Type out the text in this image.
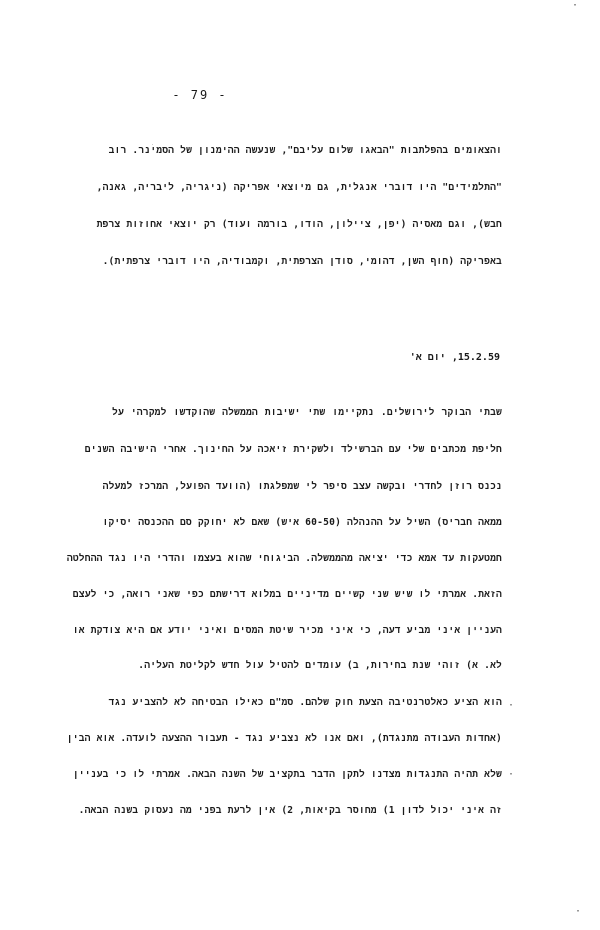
- 79 -
והצאומים בהפלתבות "הבאגו שלום עליבם", שנעשה ההימנון של הסמינר. רוב
"התלמידים" היו דוברי אנגלית, גם מיוצאי אפריקה (ניגריה, ליבריה, גאנה,
חבש), וגם מאסיה (יפן, ציילון, הודו, בורמה ועוד) רק יוצאי אחוזות צרפת
באפריקה (חוף השן, דהומי, סודן הצרפתית, וקמבודיה, היו דוברי צרפתית).
15.2.59, יום א'
שבתי הבוקר לירושלים. נתקיימו שתי ישיבות הממשלה שהוקדשו למקרהי על
חליפת מכתבים שלי עם הברשילד ולשקירת זיאכה על החינוך. אחרי הישיבה השנים
נכנס רוזן לחדרי ובקשה עצב סיפר לי שמפלגתו (הוועד הפועל, המרכז למעלה
ממאה חבריס) השיל על ההנהלה (60-50 איש) שאם לא יחוקק סם ההכנסה יסיקו
חמטעקות עד אמא כדי יציאה מהממשלה. הביגוחי שהוא בעצמו והדרי היו נגד ההחלטה
הזאת. אמרתי לו שיש שני קשיים מדיניים במלוא דרישתם כפי שאני רואה, כי לעצם
העניין איני מביע דעה, כי איני מכיר שיטת המסים ואיני יודע אם היא צודקת או
לא. א) זוהי שנת בחירות, ב) עומדים להטיל עול חדש לקליטת העליה.
הוא הציע כאלטרנטיבה הצעת חוק שלהם. סמ"ם כאילו הבטיחה לא להצביע נגד
(אחדות העבודה מתנגדת), ואם אנו לא נצביע נגד - תעבור ההצעה לועדה. אוא הבין
שלא תהיה התנגדות מצדנו לתקן הדבר בתקציב של השנה הבאה. אמרתי לו כי בעניין
זה איני יכול לדון 1) מחוסר בקיאות, 2) אין לרעת בפני מה נעסוק בשנה הבאה.
·
·
·
·
